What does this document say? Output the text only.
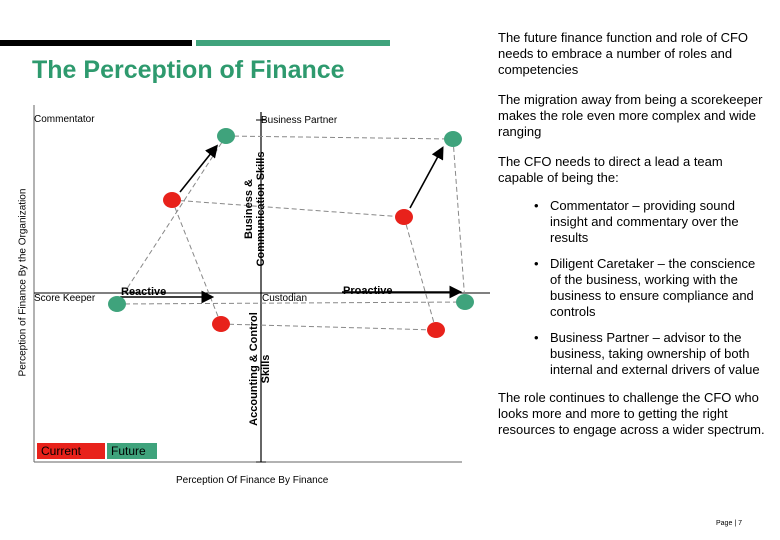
The Perception of Finance
Commentator	Business Partner
Score Keeper	Custodian
Reactive	Proactive
Perception of Finance By the Organization	Business & Communication Skills
Accounting & Control Skills
Perception Of Finance By Finance
Current	Future

The future finance function and role of CFO needs to embrace a number of roles and competencies

The migration away from being a scorekeeper makes the role even more complex and wide ranging

The CFO needs to direct a lead a team capable of being the:

• Commentator – providing sound insight and commentary over the results
• Diligent Caretaker – the conscience of the business, working with the business to ensure compliance and controls
• Business Partner – advisor to the business, taking ownership of both internal and external drivers of value

The role continues to challenge the CFO who looks more and more to getting the right resources to engage across a wider spectrum.

Page | 7
